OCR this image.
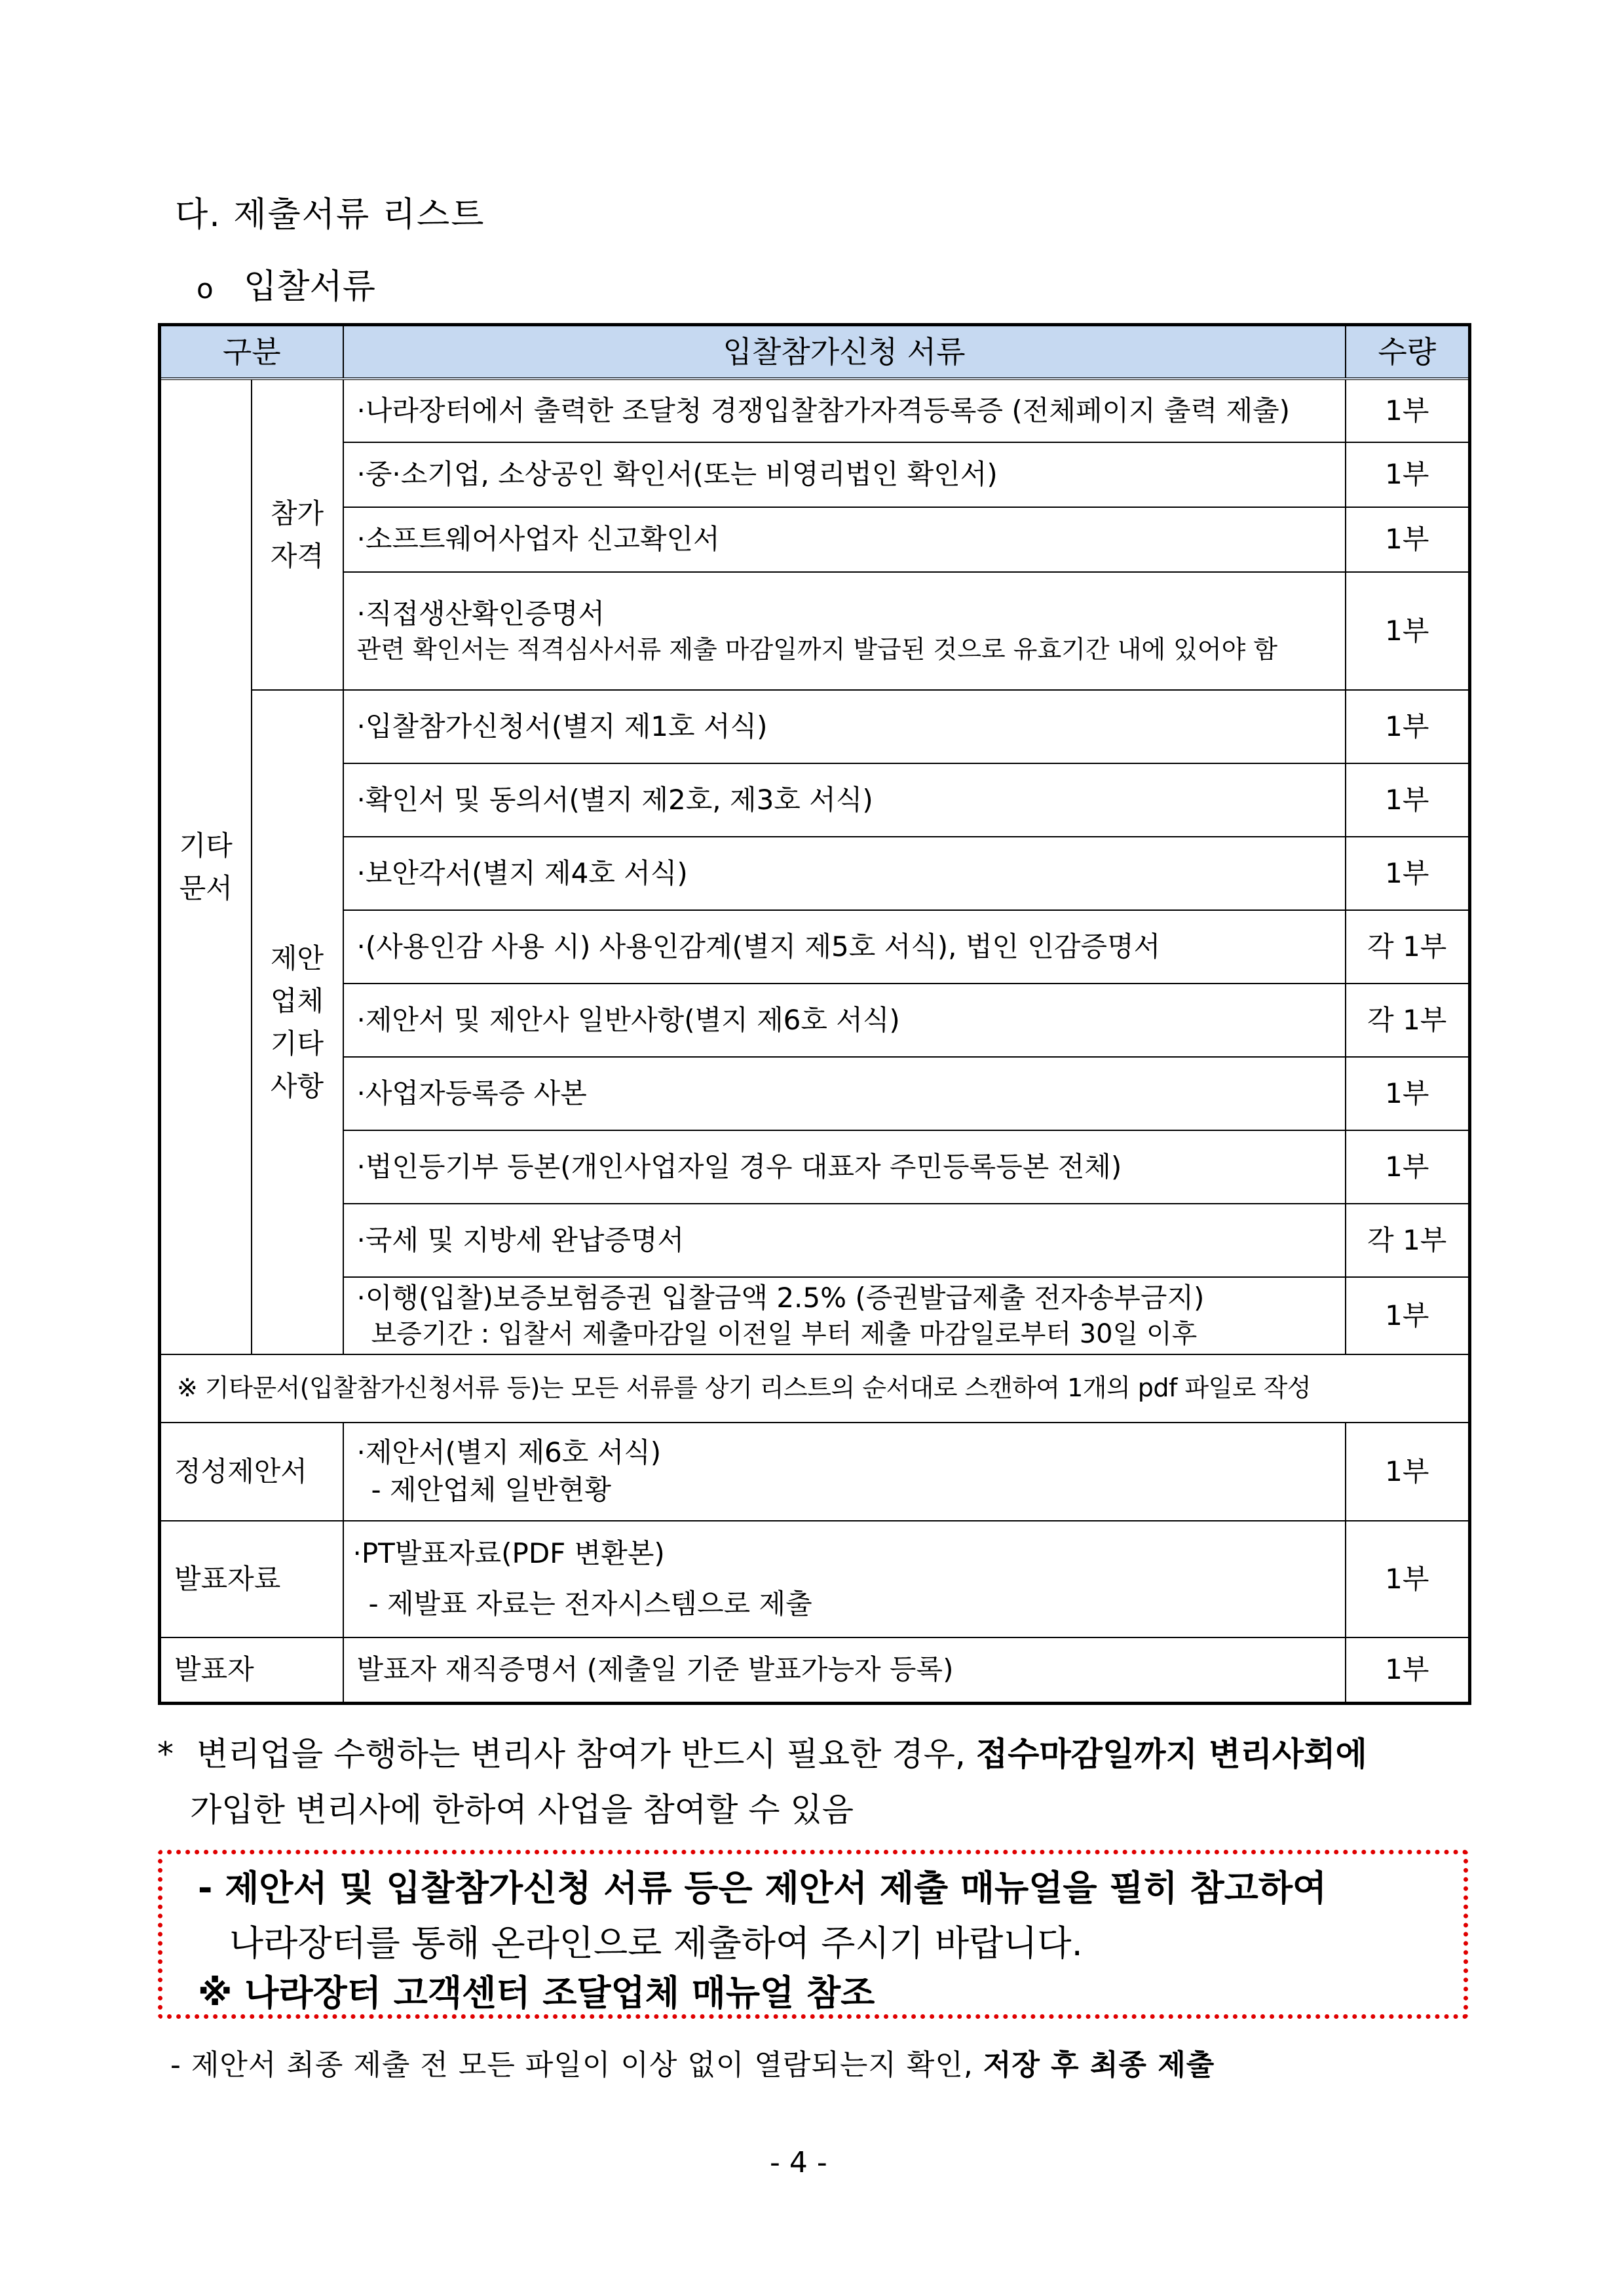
다. 제출서류 리스트
o 입찰서류
구분		입찰참가신청 서류	수량
기타문서	참가자격	·나라장터에서 출력한 조달청 경쟁입찰참가자격등록증 (전체페이지 출력 제출)	1부
		·중·소기업, 소상공인 확인서(또는 비영리법인 확인서)	1부
		·소프트웨어사업자 신고확인서	1부
		·직접생산확인증명서
관련 확인서는 적격심사서류 제출 마감일까지 발급된 것으로 유효기간 내에 있어야 함	1부
	제안업체기타사항	·입찰참가신청서(별지 제1호 서식)	1부
		·확인서 및 동의서(별지 제2호, 제3호 서식)	1부
		·보안각서(별지 제4호 서식)	1부
		·(사용인감 사용 시) 사용인감계(별지 제5호 서식), 법인 인감증명서	각 1부
		·제안서 및 제안사 일반사항(별지 제6호 서식)	각 1부
		·사업자등록증 사본	1부
		·법인등기부 등본(개인사업자일 경우 대표자 주민등록등본 전체)	1부
		·국세 및 지방세 완납증명서	각 1부
		·이행(입찰)보증보험증권 입찰금액 2.5% (증권발급제출 전자송부금지)
보증기간 : 입찰서 제출마감일 이전일 부터 제출 마감일로부터 30일 이후	1부
※ 기타문서(입찰참가신청서류 등)는 모든 서류를 상기 리스트의 순서대로 스캔하여 1개의 pdf 파일로 작성			
정성제안서		·제안서(별지 제6호 서식)
- 제안업체 일반현황	1부
발표자료		·PT발표자료(PDF 변환본)
- 제발표 자료는 전자시스템으로 제출	1부
발표자		발표자 재직증명서 (제출일 기준 발표가능자 등록)	1부
* 변리업을 수행하는 변리사 참여가 반드시 필요한 경우, 접수마감일까지 변리사회에
가입한 변리사에 한하여 사업을 참여할 수 있음
- 제안서 및 입찰참가신청 서류 등은 제안서 제출 매뉴얼을 필히 참고하여
나라장터를 통해 온라인으로 제출하여 주시기 바랍니다.
※ 나라장터 고객센터 조달업체 매뉴얼 참조
- 제안서 최종 제출 전 모든 파일이 이상 없이 열람되는지 확인, 저장 후 최종 제출
- 4 -
